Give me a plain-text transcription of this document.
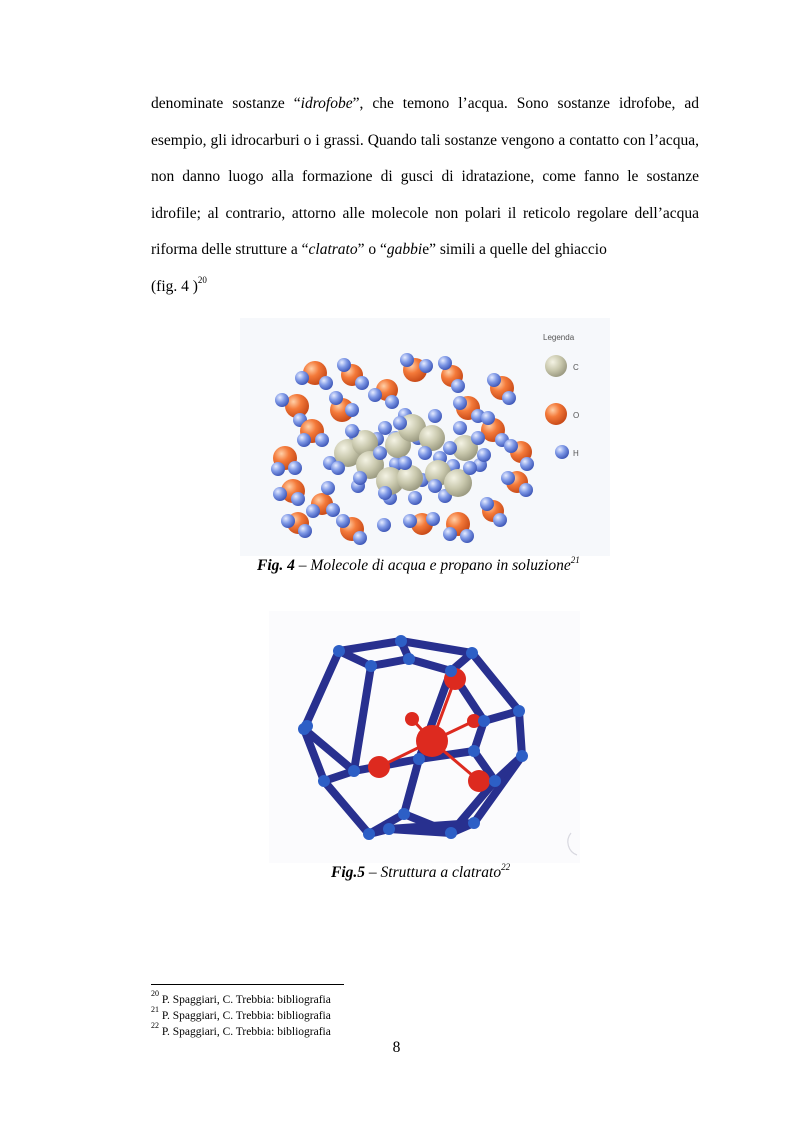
denominate sostanze “idrofobe”, che temono l’acqua. Sono sostanze idrofobe, ad esempio, gli idrocarburi o i grassi. Quando tali sostanze vengono a contatto con l’acqua, non danno luogo alla formazione di gusci di idratazione, come fanno le sostanze idrofile; al contrario, attorno alle molecole non polari il reticolo regolare dell’acqua riforma delle strutture a “clatrato” o “gabbie” simili a quelle del ghiaccio
(fig. 4 )$^{20}$

Legenda
C
O
H
Fig. 4 – Molecole di acqua e propano in soluzione$^{21}$
Fig.5 – Struttura a clatrato$^{22}$
$^{20}$ P. Spaggiari, C. Trebbia: bibliografia
$^{21}$ P. Spaggiari, C. Trebbia: bibliografia
$^{22}$ P. Spaggiari, C. Trebbia: bibliografia
8
